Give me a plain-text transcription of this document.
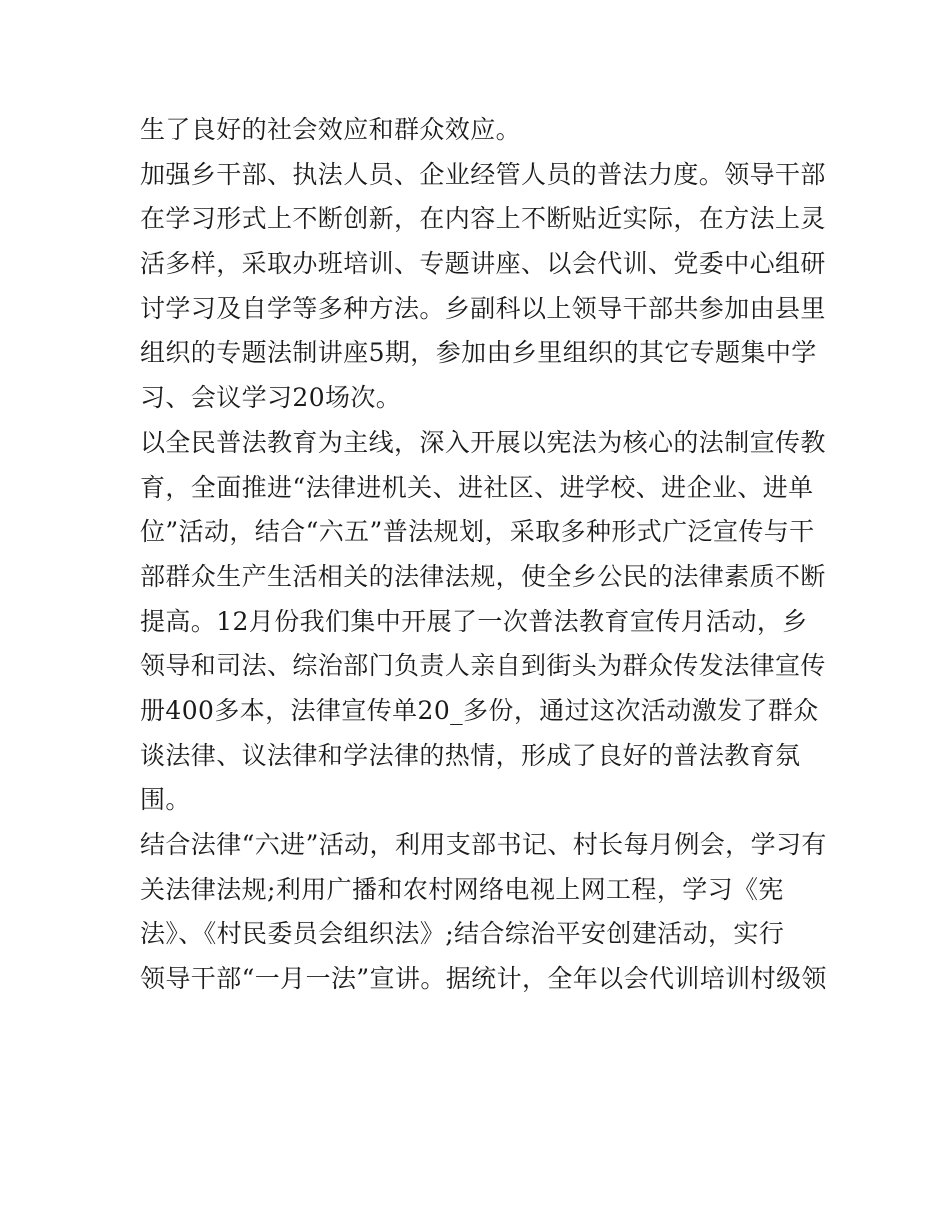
生了良好的社会效应和群众效应。
加强乡干部、执法人员、企业经管人员的普法力度。领导干部
在学习形式上不断创新，在内容上不断贴近实际，在方法上灵
活多样，采取办班培训、专题讲座、以会代训、党委中心组研
讨学习及自学等多种方法。乡副科以上领导干部共参加由县里
组织的专题法制讲座5期，参加由乡里组织的其它专题集中学
习、会议学习20场次。
以全民普法教育为主线，深入开展以宪法为核心的法制宣传教
育，全面推进“法律进机关、进社区、进学校、进企业、进单
位”活动，结合“六五”普法规划，采取多种形式广泛宣传与干
部群众生产生活相关的法律法规，使全乡公民的法律素质不断
提高。12月份我们集中开展了一次普法教育宣传月活动，乡
领导和司法、综治部门负责人亲自到街头为群众传发法律宣传
册400多本，法律宣传单20_多份，通过这次活动激发了群众
谈法律、议法律和学法律的热情，形成了良好的普法教育氛
围。
结合法律“六进”活动，利用支部书记、村长每月例会，学习有
关法律法规;利用广播和农村网络电视上网工程，学习《宪
法》、《村民委员会组织法》;结合综治平安创建活动，实行
领导干部“一月一法”宣讲。据统计，全年以会代训培训村级领
